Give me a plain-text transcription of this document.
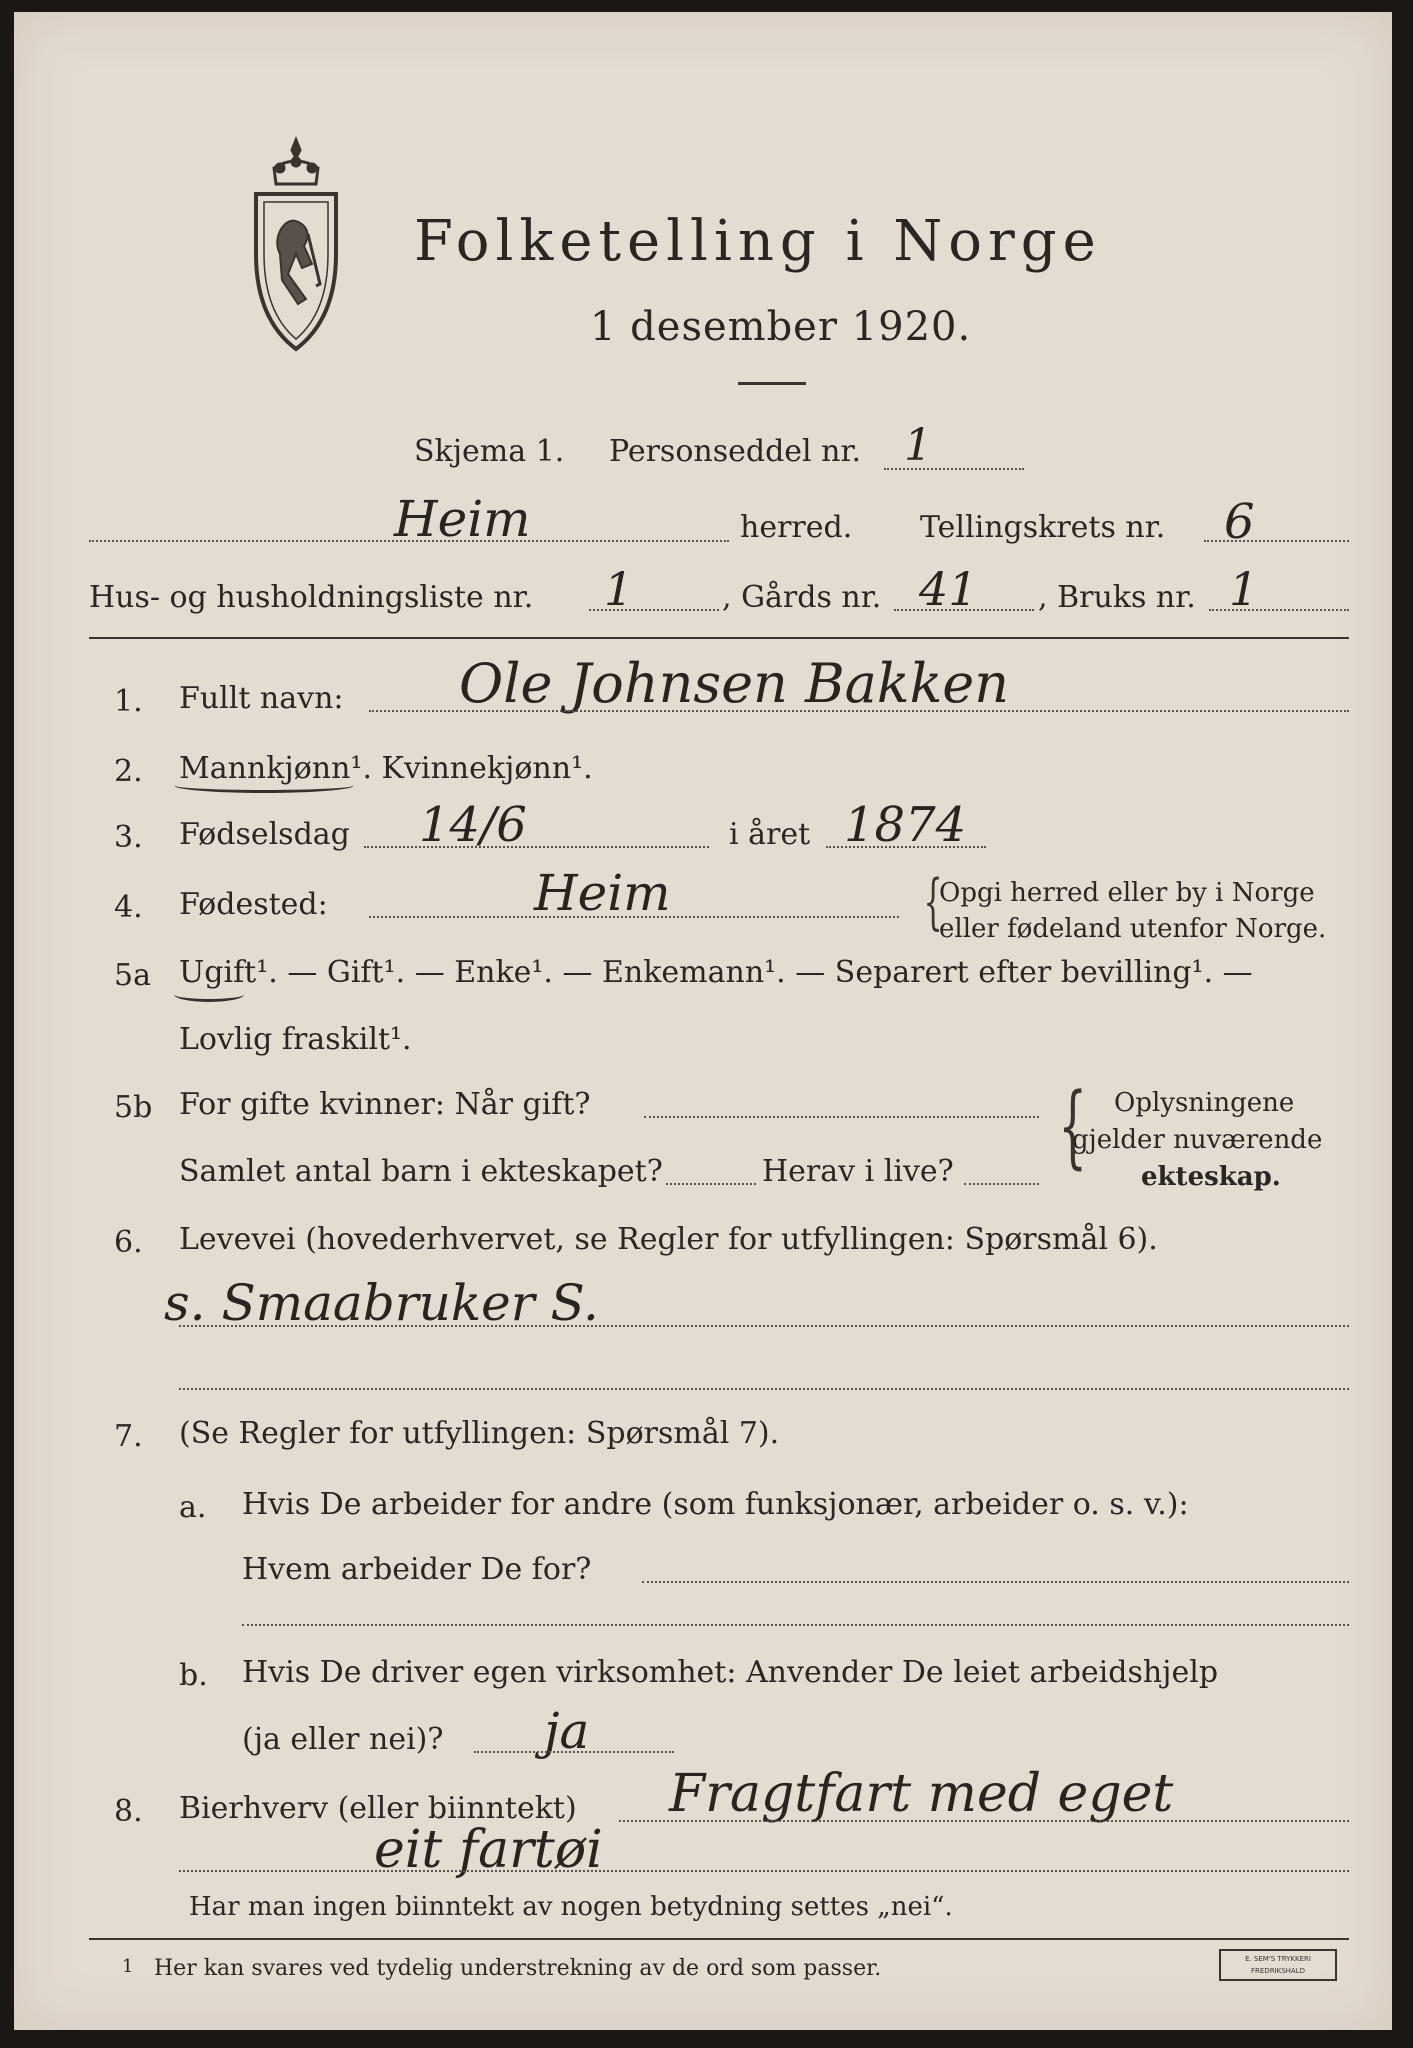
Folketelling i Norge
1 desember 1920.
Skjema 1. Personseddel nr. 1
Heim	herred. Tellingskrets nr. 6
Hus- og husholdningsliste nr. 1	, Gårds nr. 41 , Bruks nr. 1
1. Fullt navn: Ole Johnsen Bakken
2. Mannkjønn¹. Kvinnekjønn¹.
3. Fødselsdag 14/6	i året 1874
4. Fødested:	Heim	{
Opgi herred eller by i Norge
eller fødeland utenfor Norge.
5a Ugift¹. — Gift¹. — Enke¹. — Enkemann¹. — Separert efter bevilling¹. —
Lovlig fraskilt¹.
5b For gifte kvinner: Når gift?
Samlet antal barn i ekteskapet?	Herav i live? { Oplysningene
gjelder nuværende
ekteskap.
6. Levevei (hovederhvervet, se Regler for utfyllingen: Spørsmål 6).
s. Smaabruker S.
7. (Se Regler for utfyllingen: Spørsmål 7).
a. Hvis De arbeider for andre (som funksjonær, arbeider o. s. v.):
Hvem arbeider De for?
b. Hvis De driver egen virksomhet: Anvender De leiet arbeidshjelp
(ja eller nei)? ja
8. Bierhverv (eller biinntekt) Fragtfart med eget
eit fartøi
Har man ingen biinntekt av nogen betydning settes „nei“.
1 Her kan svares ved tydelig understrekning av de ord som passer.	E. SEM'S TRYKKERI FREDRIKSHALD
